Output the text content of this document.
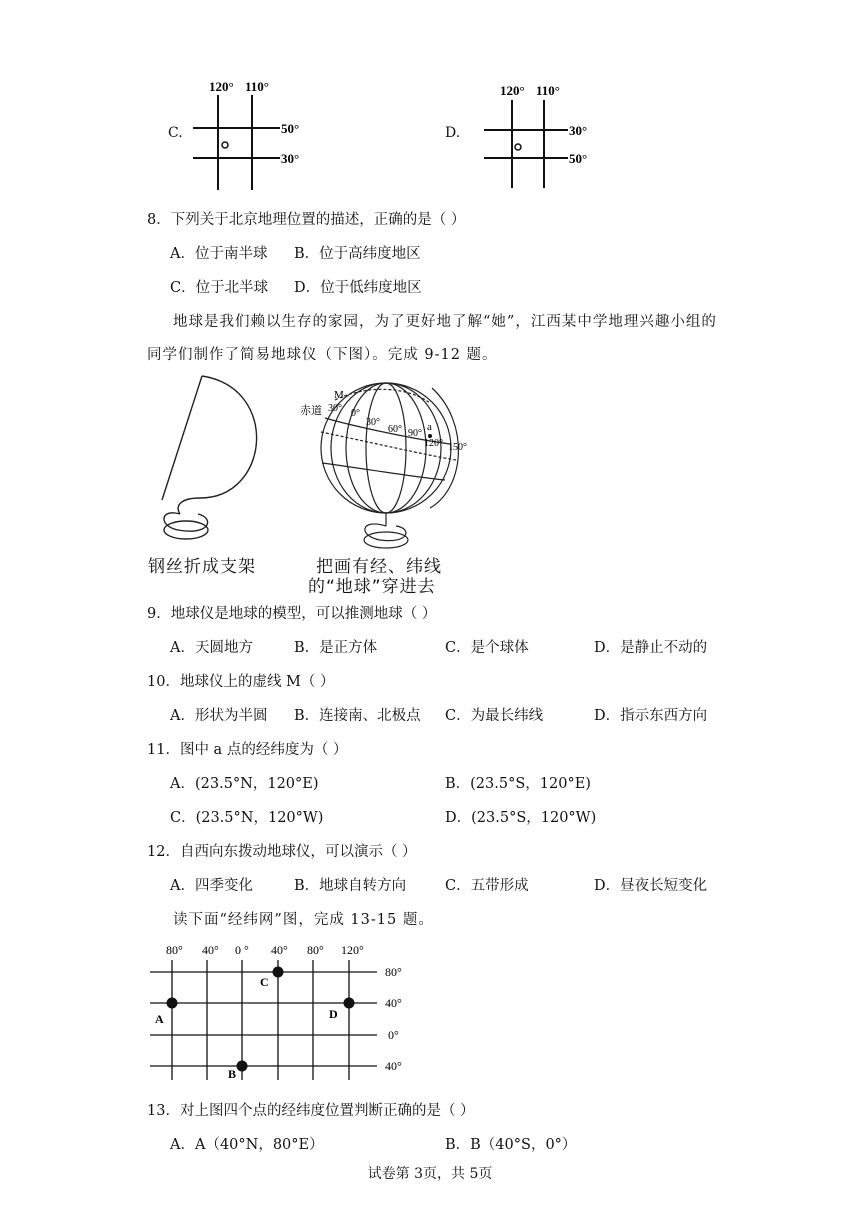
C.
120° 110°
50°
30°
D.
120° 110°
30°
50°
8．下列关于北京地理位置的描述，正确的是（ ）
A．位于南半球 B．位于高纬度地区
C．位于北半球 D．位于低纬度地区
地球是我们赖以生存的家园，为了更好地了解“她”，江西某中学地理兴趣小组的
同学们制作了简易地球仪（下图）。完成 9-12 题。
赤道
M
30° 0°
30°
60° 90°
a
120° 150°
钢丝折成支架	把画有经、纬线
的“地球”穿进去
9．地球仪是地球的模型，可以推测地球（ ）
A．天圆地方	B．是正方体	C．是个球体	D．是静止不动的
10．地球仪上的虚线 M（ ）
A．形状为半圆 B．连接南、北极点 C．为最长纬线	D．指示东西方向
11．图中 a 点的经纬度为（ ）
A．(23.5°N，120°E)	B．(23.5°S，120°E)
C．(23.5°N，120°W)	D．(23.5°S，120°W)
12．自西向东拨动地球仪，可以演示（ ）
A．四季变化	B．地球自转方向	C．五带形成	D．昼夜长短变化
读下面“经纬网”图，完成 13-15 题。
80° 40° 0 ° 40° 80° 120°
80°
40°
0°
40°
A
B
C
D
13．对上图四个点的经纬度位置判断正确的是（ ）
A．A（40°N，80°E）	B．B（40°S，0°）
试卷第 3页，共 5页
